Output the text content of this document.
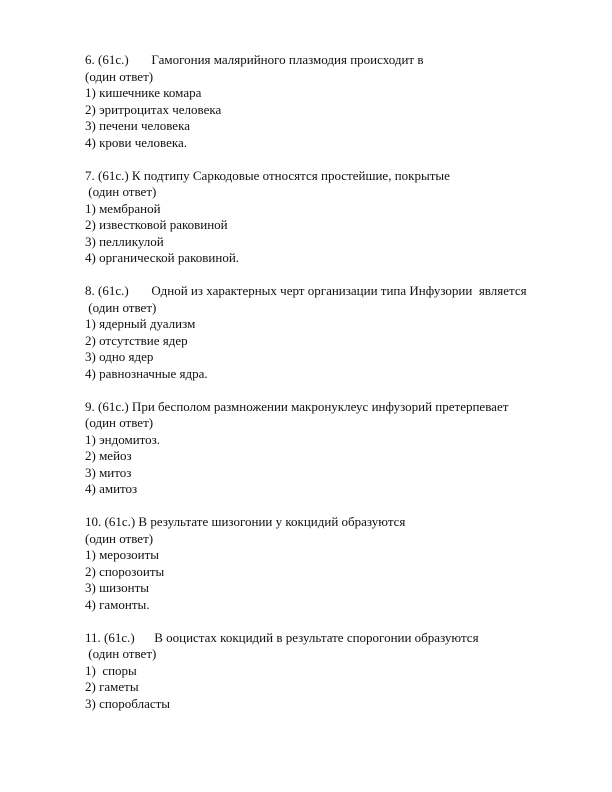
6. (61с.)       Гамогония малярийного плазмодия происходит в
(один ответ)
1) кишечнике комара
2) эритроцитах человека
3) печени человека
4) крови человека.
7. (61с.) К подтипу Саркодовые относятся простейшие, покрытые
(один ответ)
1) мембраной
2) известковой раковиной
3) пелликулой
4) органической раковиной.
8. (61с.)       Одной из характерных черт организации типа Инфузории  является
(один ответ)
1) ядерный дуализм
2) отсутствие ядер
3) одно ядер
4) равнозначные ядра.
9. (61с.) При бесполом размножении макронуклеус инфузорий претерпевает
(один ответ)
1) эндомитоз.
2) мейоз
3) митоз
4) амитоз
10. (61с.) В результате шизогонии у кокцидий образуются
(один ответ)
1) мерозоиты
2) спорозоиты
3) шизонты
4) гамонты.
11. (61с.)      В ооцистах кокцидий в результате спорогонии образуются
(один ответ)
1)  споры
2) гаметы
3) споробласты
